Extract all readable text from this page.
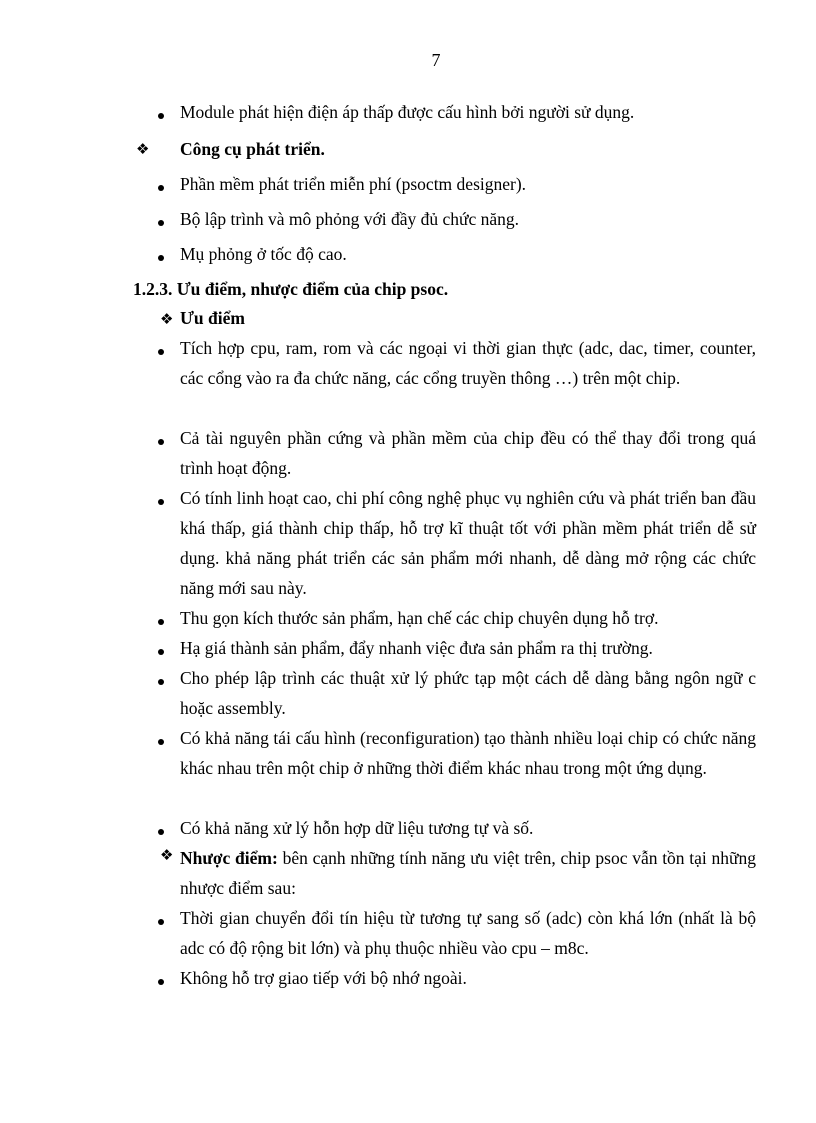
7
Module phát hiện điện áp thấp được cấu hình bởi người sử dụng.
❖ Công cụ phát triển.
Phần mềm phát triển miễn phí (psoctm designer).
Bộ lập trình và mô phỏng với đầy đủ chức năng.
Mụ phỏng ở tốc độ cao.
1.2.3. Ưu điểm, nhược điểm của chip psoc.
❖ Ưu điểm
Tích hợp cpu, ram, rom và các ngoại vi thời gian thực (adc, dac, timer, counter, các cổng vào ra đa chức năng, các cổng truyền thông …) trên một chip.
Cả tài nguyên phần cứng và phần mềm của chip đều có thể thay đổi trong quá trình hoạt động.
Có tính linh hoạt cao, chi phí công nghệ phục vụ nghiên cứu và phát triển ban đầu khá thấp, giá thành chip thấp, hỗ trợ kĩ thuật tốt với phần mềm phát triển dễ sử dụng. khả năng phát triển các sản phẩm mới nhanh, dễ dàng mở rộng các chức năng mới sau này.
Thu gọn kích thước sản phẩm, hạn chế các chip chuyên dụng hỗ trợ.
Hạ giá thành sản phẩm, đẩy nhanh việc đưa sản phẩm ra thị trường.
Cho phép lập trình các thuật xử lý phức tạp một cách dễ dàng bằng ngôn ngữ c hoặc assembly.
Có khả năng tái cấu hình (reconfiguration) tạo thành nhiều loại chip có chức năng khác nhau trên một chip ở những thời điểm khác nhau trong một ứng dụng.
Có khả năng xử lý hỗn hợp dữ liệu tương tự và số.
❖ Nhược điểm: bên cạnh những tính năng ưu việt trên, chip psoc vẫn tồn tại những nhược điểm sau:
Thời gian chuyển đổi tín hiệu từ tương tự sang số (adc) còn khá lớn (nhất là bộ adc có độ rộng bit lớn) và phụ thuộc nhiều vào cpu – m8c.
Không hỗ trợ giao tiếp với bộ nhớ ngoài.
